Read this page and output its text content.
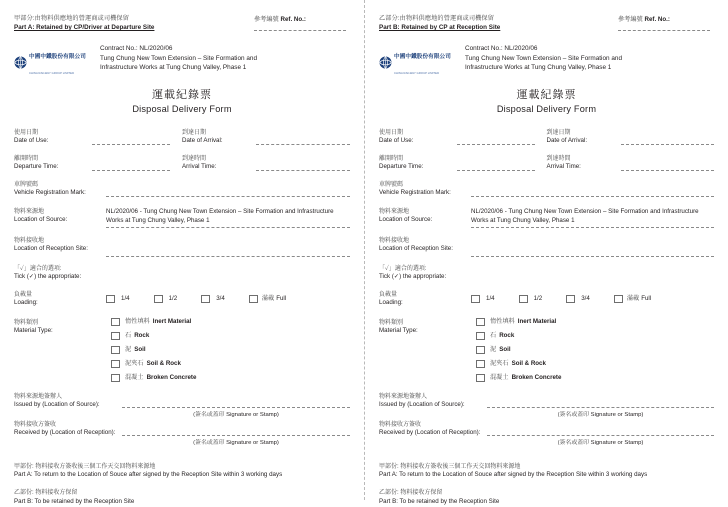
甲部分:由物料供應地的營運商或司機保留
Part A: Retained by CP/Driver at Departure Site
參考編號 Ref. No.:
中國中鐵股份有限公司 CHINA RAILWAY GROUP LIMITED
Contract No.: NL/2020/06
Tung Chung New Town Extension – Site Formation and
Infrastructure Works at Tung Chung Valley, Phase 1
運載紀錄票
Disposal Delivery Form
使用日期
Date of Use:
到達日期
Date of Arrival:
離開時間
Departure Time:
到達時間
Arrival Time:
車牌號碼
Vehicle Registration Mark:
物料來源地
Location of Source:
NL/2020/06 - Tung Chung New Town Extension – Site Formation and Infrastructure Works at Tung Chung Valley, Phase 1
物料接收地
Location of Reception Site:
「✓」適合的選項:
Tick (✓) the appropriate:
負載量
Loading:
1/4	1/2	3/4	滿載 Full
物料類別
Material Type:
惰性填料 Inert Material
石 Rock
泥 Soil
泥夾石 Soil & Rock
混凝土 Broken Concrete
物料來源地簽辦人
Issued by (Location of Source):
(簽名或蓋印 Signature or Stamp)
物料接收方簽收
Received by (Location of Reception):
(簽名或蓋印 Signature or Stamp)
甲部份: 物料接收方簽收後三個工作天交回物料來源地
Part A: To return to the Location of Souce after signed by the Reception Site within 3 working days
乙部份: 物料接收方保留
Part B: To be retained by the Reception Site
乙部分:由物料供應地的營運商或司機保留
Part B: Retained by CP at Reception Site
參考編號 Ref. No.:
中國中鐵股份有限公司 CHINA RAILWAY GROUP LIMITED
Contract No.: NL/2020/06
Tung Chung New Town Extension – Site Formation and
Infrastructure Works at Tung Chung Valley, Phase 1
運載紀錄票
Disposal Delivery Form
使用日期
Date of Use:
到達日期
Date of Arrival:
離開時間
Departure Time:
到達時間
Arrival Time:
車牌號碼
Vehicle Registration Mark:
物料來源地
Location of Source:
NL/2020/06 - Tung Chung New Town Extension – Site Formation and Infrastructure Works at Tung Chung Valley, Phase 1
物料接收地
Location of Reception Site:
「✓」適合的選項:
Tick (✓) the appropriate:
負載量
Loading:
1/4	1/2	3/4	滿載 Full
物料類別
Material Type:
惰性填料 Inert Material
石 Rock
泥 Soil
泥夾石 Soil & Rock
混凝土 Broken Concrete
物料來源地簽辦人
Issued by (Location of Source):
(簽名或蓋印 Signature or Stamp)
物料接收方簽收
Received by (Location of Reception):
(簽名或蓋印 Signature or Stamp)
甲部份: 物料接收方簽收後三個工作天交回物料來源地
Part A: To return to the Location of Souce after signed by the Reception Site within 3 working days
乙部份: 物料接收方保留
Part B: To be retained by the Reception Site
